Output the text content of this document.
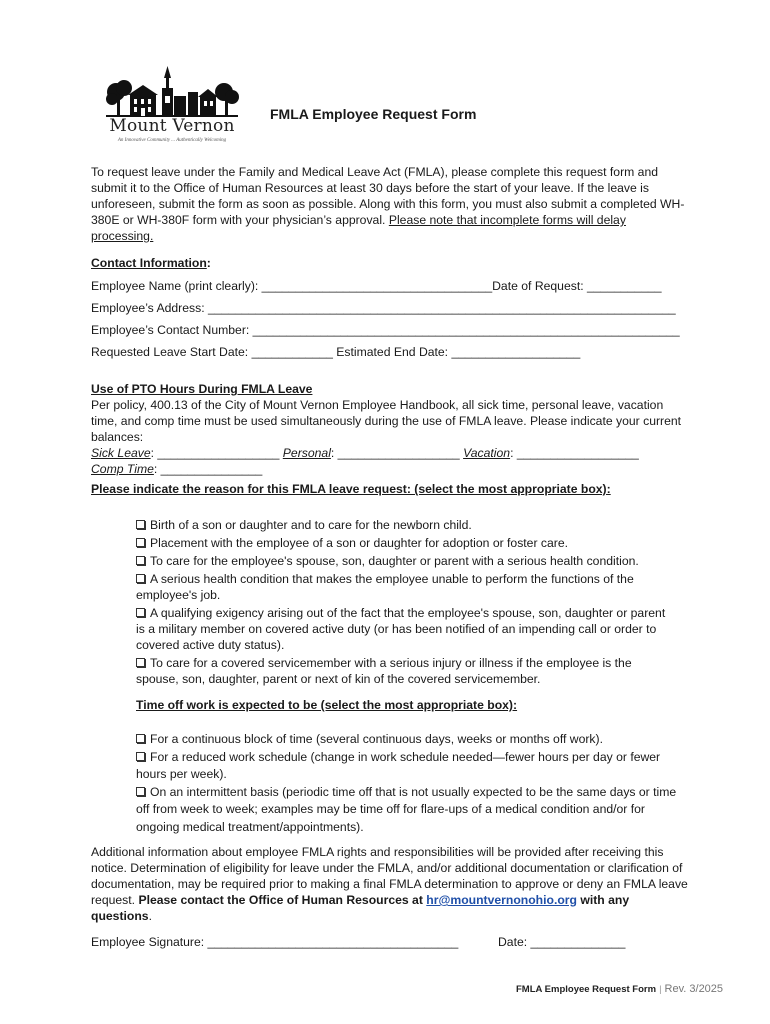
Mount Vernon
An Innovative Community ... Authentically Welcoming
FMLA Employee Request Form
To request leave under the Family and Medical Leave Act (FMLA), please complete this request form and submit it to the Office of Human Resources at least 30 days before the start of your leave. If the leave is unforeseen, submit the form as soon as possible. Along with this form, you must also submit a completed WH-380E or WH-380F form with your physician’s approval. Please note that incomplete forms will delay processing.
Contact Information:
Employee Name (print clearly): __________________________________Date of Request: ___________
Employee’s Address: _____________________________________________________________________
Employee’s Contact Number: _______________________________________________________________
Requested Leave Start Date: ____________ Estimated End Date: ___________________
Use of PTO Hours During FMLA Leave
Per policy, 400.13 of the City of Mount Vernon Employee Handbook, all sick time, personal leave, vacation time, and comp time must be used simultaneously during the use of FMLA leave. Please indicate your current balances:
Sick Leave: __________________ Personal: __________________ Vacation: __________________
Comp Time: _______________
Please indicate the reason for this FMLA leave request: (select the most appropriate box):
Birth of a son or daughter and to care for the newborn child.
Placement with the employee of a son or daughter for adoption or foster care.
To care for the employee's spouse, son, daughter or parent with a serious health condition.
A serious health condition that makes the employee unable to perform the functions of the employee's job.
A qualifying exigency arising out of the fact that the employee's spouse, son, daughter or parent is a military member on covered active duty (or has been notified of an impending call or order to covered active duty status).
To care for a covered servicemember with a serious injury or illness if the employee is the spouse, son, daughter, parent or next of kin of the covered servicemember.
Time off work is expected to be (select the most appropriate box):
For a continuous block of time (several continuous days, weeks or months off work).
For a reduced work schedule (change in work schedule needed—fewer hours per day or fewer hours per week).
On an intermittent basis (periodic time off that is not usually expected to be the same days or time off from week to week; examples may be time off for flare-ups of a medical condition and/or for ongoing medical treatment/appointments).
Additional information about employee FMLA rights and responsibilities will be provided after receiving this notice. Determination of eligibility for leave under the FMLA, and/or additional documentation or clarification of documentation, may be required prior to making a final FMLA determination to approve or deny an FMLA leave request. Please contact the Office of Human Resources at hr@mountvernonohio.org with any questions.
Employee Signature: _____________________________________	Date: ______________
FMLA Employee Request Form | Rev. 3/2025
